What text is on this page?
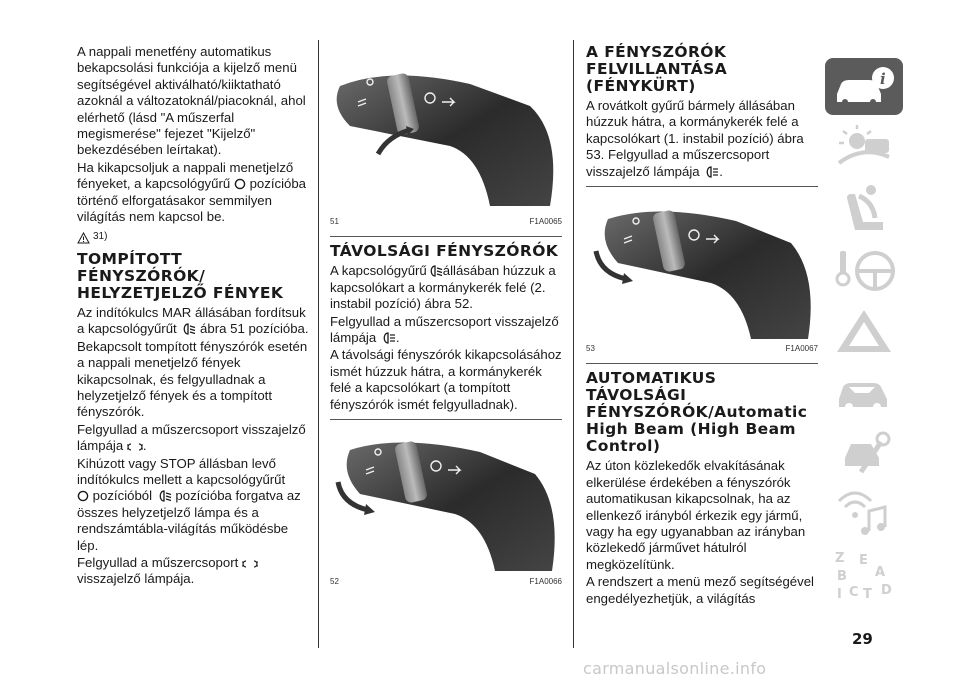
A nappali menetfény automatikus bekapcsolási funkciója a kijelző menü segítségével aktiválható/kiiktatható azoknál a változatoknál/piacoknál, ahol elérhető (lásd "A műszerfal megismerése" fejezet "Kijelző" bekezdésében leírtakat).

Ha kikapcsoljuk a nappali menetjelző fényeket, a kapcsológyűrű pozícióba történő elforgatásakor semmilyen világítás nem kapcsol be.

31)
TOMPÍTOTT FÉNYSZÓRÓK/ HELYZETJELZŐ FÉNYEK

Az indítókulcs MAR állásában fordítsuk a kapcsológyűrűt ábra 51 pozícióba.

Bekapcsolt tompított fényszórók esetén a nappali menetjelző fények kikapcsolnak, és felgyulladnak a helyzetjelző fények és a tompított fényszórók.

Felgyullad a műszercsoport visszajelző lámpája .

Kihúzott vagy STOP állásban levő indítókulcs mellett a kapcsológyűrűt
pozícióból pozícióba forgatva az összes helyzetjelző lámpa és a rendszámtábla-világítás működésbe lép.

Felgyullad a műszercsoport
visszajelző lámpája.

A
51	F1A0065
TÁVOLSÁGI FÉNYSZÓRÓK

A kapcsológyűrű állásában húzzuk a kapcsolókart a kormánykerék felé (2. instabil pozíció) ábra 52.

Felgyullad a műszercsoport visszajelző lámpája .

A távolsági fényszórók kikapcsolásához ismét húzzuk hátra, a kormánykerék felé a kapcsolókart (a tompított fényszórók ismét felgyulladnak).

52	F1A0066
A FÉNYSZÓRÓK FELVILLANTÁSA (FÉNYKÜRT)

A rovátkolt gyűrű bármely állásában húzzuk hátra, a kormánykerék felé a kapcsolókart (1. instabil pozíció) ábra 53. Felgyullad a műszercsoport visszajelző lámpája .

53	F1A0067
AUTOMATIKUS TÁVOLSÁGI FÉNYSZÓRÓK/Automatic High Beam (High Beam Control)

Az úton közlekedők elvakításának elkerülése érdekében a fényszórók automatikusan kikapcsolnak, ha az ellenkező irányból érkezik egy jármű, vagy ha egy ugyanabban az irányban közlekedő járművet hátulról megközelítünk.

A rendszert a menü mező segítségével engedélyezhetjük, a világítás

i
Z E
B A
I C T D
29
carmanualsonline.info
